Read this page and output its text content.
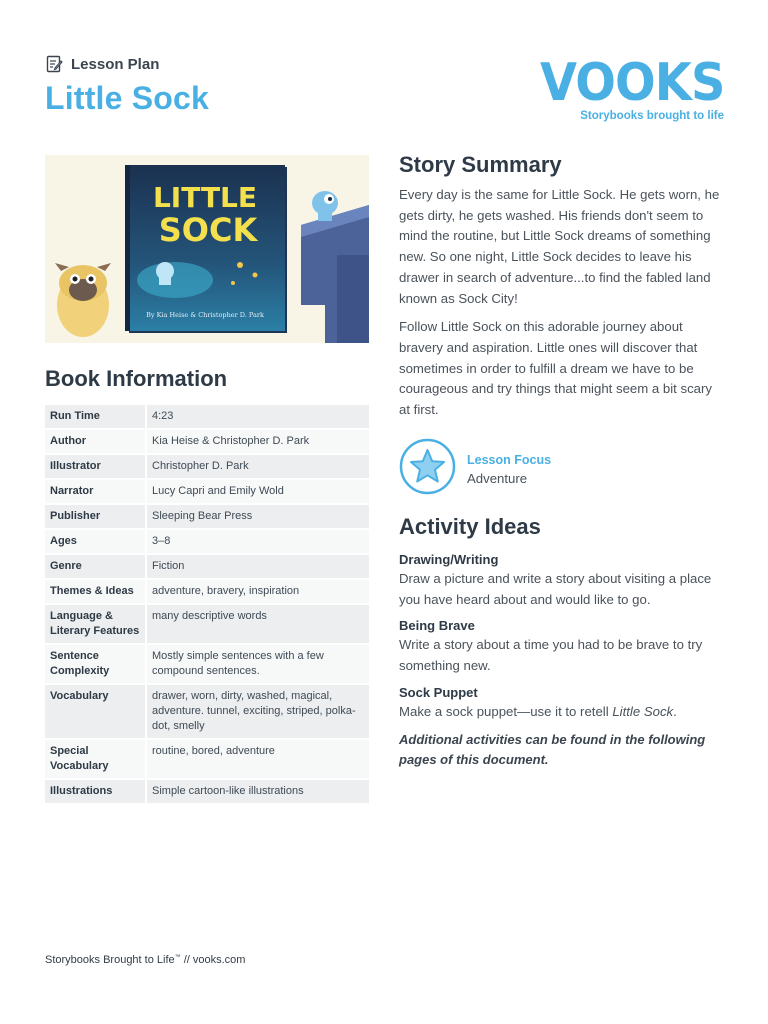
Lesson Plan
Little Sock	VOOKS
Storybooks brought to life
LITTLE
SOCK
By Kia Heise & Christopher D. Park
Book Information
Run Time	4:23
Author	Kia Heise & Christopher D. Park
Illustrator	Christopher D. Park
Narrator	Lucy Capri and Emily Wold
Publisher	Sleeping Bear Press
Ages	3–8
Genre	Fiction
Themes & Ideas	adventure, bravery, inspiration
Language & Literary Features	many descriptive words
Sentence Complexity	Mostly simple sentences with a few compound sentences.
Vocabulary	drawer, worn, dirty, washed, magical, adventure. tunnel, exciting, striped, polka-dot, smelly
Special Vocabulary	routine, bored, adventure
Illustrations	Simple cartoon-like illustrations
Story Summary

Every day is the same for Little Sock. He gets worn, he gets dirty, he gets washed. His friends don't seem to mind the routine, but Little Sock dreams of something new. So one night, Little Sock decides to leave his drawer in search of adventure...to find the fabled land known as Sock City!

Follow Little Sock on this adorable journey about bravery and aspiration. Little ones will discover that sometimes in order to fulfill a dream we have to be courageous and try things that might seem a bit scary at first.

Lesson Focus
Adventure
Activity Ideas
Drawing/Writing
Draw a picture and write a story about visiting a place you have heard about and would like to go.
Being Brave
Write a story about a time you had to be brave to try something new.
Sock Puppet
Make a sock puppet—use it to retell Little Sock.
Additional activities can be found in the following pages of this document.
Storybooks Brought to Life™ // vooks.com
